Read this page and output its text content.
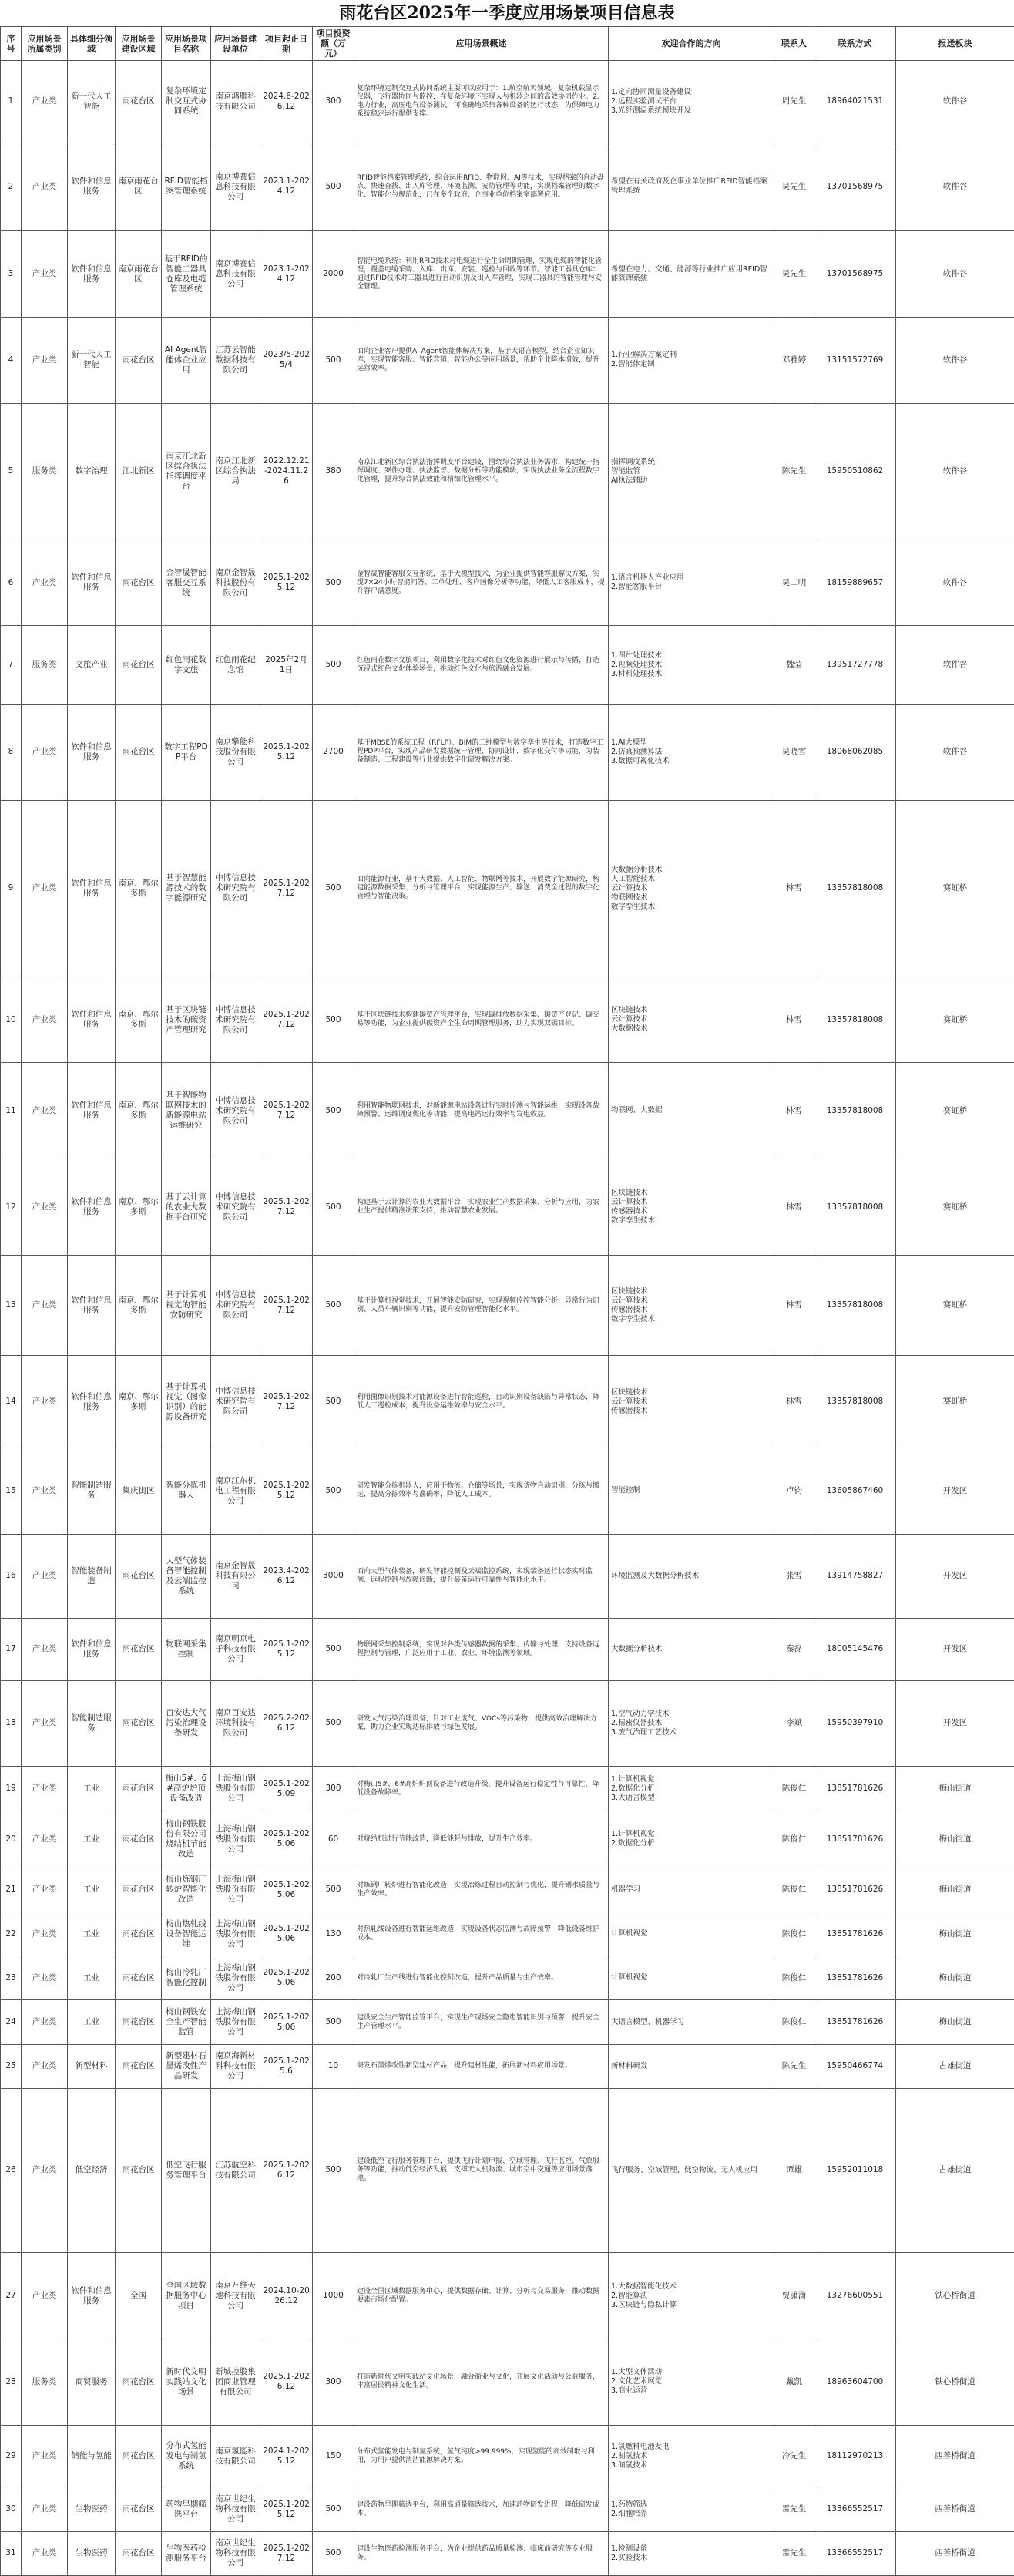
雨花台区2025年一季度应用场景项目信息表
序号	应用场景所属类别	具体细分领域	应用场景建设区域	应用场景项目名称	应用场景建设单位	项目起止日期	项目投资额（万元）	应用场景概述	欢迎合作的方向	联系人	联系方式	报送板块
1	产业类	新一代人工智能	雨花台区	复杂环境定制交互式协同系统	南京鸿雁科技有限公司	2024.6-2026.12	300	复杂环境定制交互式协同系统主要可以应用于：1.航空航天领域，复杂机载显示仪器，飞行器协同与监控，在复杂环境下实现人与机器之间的高效协同作业。2.电力行业，高压电气设备测试，可准确地采集各种设备的运行状态，为保障电力系统稳定运行提供支撑。	1.定向协同测量设备建设
2.远程实验测试平台
3.光纤测温系统模块开发	周先生	18964021531	软件谷
2	产业类	软件和信息服务	南京雨花台区	RFID智能档案管理系统	南京博赛信息科技有限公司	2023.1-2024.12	500	RFID智能档案管理系统，综合运用RFID、物联网、AI等技术，实现档案的自动盘点、快速查找、出入库管理、环境监测、安防管理等功能，实现档案管理的数字化、智能化与规范化，已在多个政府、企事业单位档案室部署应用。	希望在有关政府及企事业单位推广RFID智能档案管理系统	吴先生	13701568975	软件谷
3	产业类	软件和信息服务	南京雨花台区	基于RFID的智能工器具仓库及电缆管理系统	南京博赛信息科技有限公司	2023.1-2024.12	2000	智能电缆系统：利用RFID技术对电缆进行全生命周期管理，实现电缆的智能化管理，覆盖电缆采购、入库、出库、安装、巡检与回收等环节。智能工器具仓库：通过RFID技术对工器具进行自动识别及出入库管理，实现工器具的智能管理与安全管理。	希望在电力、交通、能源等行业推广应用RFID智能管理系统	吴先生	13701568975	软件谷
4	产业类	新一代人工智能	雨花台区	AI Agent智能体企业应用	江苏云智能数据科技有限公司	2023/5-2025/4	500	面向企业客户提供AI Agent智能体解决方案，基于大语言模型，结合企业知识库，实现智能客服、智能营销、智能办公等应用场景，帮助企业降本增效，提升运营效率。	1.行业解决方案定制
2.智能体定制	邓雅婷	13151572769	软件谷
5	服务类	数字治理	江北新区	南京江北新区综合执法指挥调度平台	南京江北新区综合执法局	2022.12.21-2024.11.26	380	南京江北新区综合执法指挥调度平台建设，围绕综合执法业务需求，构建统一指挥调度、案件办理、执法监督、数据分析等功能模块，实现执法业务全流程数字化管理，提升综合执法效能和精细化管理水平。	指挥调度系统
智能监管
AI执法辅助	陈先生	15950510862	软件谷
6	产业类	软件和信息服务	雨花台区	金智晟智能客服交互系统	南京金智晟科技股份有限公司	2025.1-2025.12	500	金智晟智能客服交互系统，基于大模型技术，为企业提供智能客服解决方案，实现7×24小时智能问答、工单处理、客户画像分析等功能，降低人工客服成本，提升客户满意度。	1.语言机器人产业应用
2.智能客服平台	吴二明	18159889657	软件谷
7	服务类	文旅产业	雨花台区	红色雨花数字文旅	红色雨花纪念馆	2025年2月1日	500	红色雨花数字文旅项目，利用数字化技术对红色文化资源进行展示与传播，打造沉浸式红色文化体验场景，推动红色文化与旅游融合发展。	1.图片处理技术
2.视频处理技术
3.材料处理技术	魏莹	13951727778	软件谷
8	产业类	软件和信息服务	雨花台区	数字工程PDP平台	南京擎能科技股份有限公司	2025.1-2025.12	2700	基于MBSE的系统工程（RFLP）、BIM的三维模型与数字孪生等技术，打造数字工程PDP平台，实现产品研发数据统一管理、协同设计、数字化交付等功能，为装备制造、工程建设等行业提供数字化研发解决方案。	1.AI大模型
2.仿真预测算法
3.数据可视化技术	吴晓雪	18068062085	软件谷
9	产业类	软件和信息服务	南京、鄂尔多斯	基于智慧能源技术的数字能源研究	中博信息技术研究院有限公司	2025.1-2027.12	500	面向能源行业，基于大数据、人工智能、物联网等技术，开展数字能源研究，构建能源数据采集、分析与管理平台，实现能源生产、输送、消费全过程的数字化管理与智能决策。	大数据分析技术
人工智能技术
云计算技术
物联网技术
数字孪生技术	林雪	13357818008	赛虹桥
10	产业类	软件和信息服务	南京、鄂尔多斯	基于区块链技术的碳资产管理研究	中博信息技术研究院有限公司	2025.1-2027.12	500	基于区块链技术构建碳资产管理平台，实现碳排放数据采集、碳资产登记、碳交易等功能，为企业提供碳资产全生命周期管理服务，助力实现双碳目标。	区块链技术
云计算技术
大数据技术	林雪	13357818008	赛虹桥
11	产业类	软件和信息服务	南京、鄂尔多斯	基于智能物联网技术的新能源电站运维研究	中博信息技术研究院有限公司	2025.1-2027.12	500	利用智能物联网技术，对新能源电站设备进行实时监测与智能运维，实现设备故障预警、运维调度优化等功能，提高电站运行效率与发电收益。	物联网、大数据	林雪	13357818008	赛虹桥
12	产业类	软件和信息服务	南京、鄂尔多斯	基于云计算的农业大数据平台研究	中博信息技术研究院有限公司	2025.1-2027.12	500	构建基于云计算的农业大数据平台，实现农业生产数据采集、分析与应用，为农业生产提供精准决策支持，推动智慧农业发展。	区块链技术
云计算技术
传感器技术
数字孪生技术	林雪	13357818008	赛虹桥
13	产业类	软件和信息服务	南京、鄂尔多斯	基于计算机视觉的智能安防研究	中博信息技术研究院有限公司	2025.1-2027.12	500	基于计算机视觉技术，开展智能安防研究，实现视频监控智能分析、异常行为识别、人员车辆识别等功能，提升安防管理智能化水平。	区块链技术
云计算技术
传感器技术
数字孪生技术	林雪	13357818008	赛虹桥
14	产业类	软件和信息服务	南京、鄂尔多斯	基于计算机视觉（图像识别）的能源设备研究	中博信息技术研究院有限公司	2025.1-2027.12	500	利用图像识别技术对能源设备进行智能巡检，自动识别设备缺陷与异常状态，降低人工巡检成本，提升设备运维效率与安全水平。	区块链技术
云计算技术
传感器技术	林雪	13357818008	赛虹桥
15	产业类	智能制造服务	集庆街区	智能分拣机器人	南京江东机电工程有限公司	2025.1-2025.12	500	研发智能分拣机器人，应用于物流、仓储等场景，实现货物自动识别、分拣与搬运，提高分拣效率与准确率，降低人工成本。	智能控制	卢钧	13605867460	开发区
16	产业类	智能装备制造	雨花台区	大型气体装备智能控制及云端监控系统	南京金智晟科技有限公司	2023.4-2026.12	3000	面向大型气体装备，研发智能控制及云端监控系统，实现装备运行状态实时监测、远程控制与故障诊断，提升装备运行可靠性与智能化水平。	环境监测及大数据分析技术	张雪	13914758827	开发区
17	产业类	软件和信息服务	雨花台区	物联网采集控制	南京明京电子科技有限公司	2025.1-2025.12	500	物联网采集控制系统，实现对各类传感器数据的采集、传输与处理，支持设备远程控制与管理，广泛应用于工业、农业、环境监测等领域。	大数据分析技术	秦磊	18005145476	开发区
18	产业类	智能制造服务	雨花台区	百安达大气污染治理设备研发	南京百安达环境科技有限公司	2025.2-2026.12	500	研发大气污染治理设备，针对工业废气、VOCs等污染物，提供高效治理解决方案，助力企业实现达标排放与绿色发展。	1.空气动力学技术
2.精密仪器技术
3.废气治理工艺技术	李斌	15950397910	开发区
19	产业类	工业	雨花台区	梅山5#、6#高炉炉顶设备改造	上海梅山钢铁股份有限公司	2025.1-2025.09	300	对梅山5#、6#高炉炉顶设备进行改造升级，提升设备运行稳定性与可靠性，降低设备故障率。	1.计算机视觉
2.数据化分析
3.大语言模型	陈俊仁	13851781626	梅山街道
20	产业类	工业	雨花台区	梅山钢铁股份有限公司烧结机节能改造	上海梅山钢铁股份有限公司	2025.1-2025.06	60	对烧结机进行节能改造，降低能耗与排放，提升生产效率。	1.计算机视觉
2.数据化分析	陈俊仁	13851781626	梅山街道
21	产业类	工业	雨花台区	梅山炼钢厂转炉智能化改造	上海梅山钢铁股份有限公司	2025.1-2025.06	500	对炼钢厂转炉进行智能化改造，实现冶炼过程自动控制与优化，提升钢水质量与生产效率。	机器学习	陈俊仁	13851781626	梅山街道
22	产业类	工业	雨花台区	梅山热轧线设备智能运维	上海梅山钢铁股份有限公司	2025.1-2025.06	130	对热轧线设备进行智能运维改造，实现设备状态监测与故障预警，降低设备维护成本。	计算机视觉	陈俊仁	13851781626	梅山街道
23	产业类	工业	雨花台区	梅山冷轧厂智能化控制	上海梅山钢铁股份有限公司	2025.1-2025.06	200	对冷轧厂生产线进行智能化控制改造，提升产品质量与生产效率。	计算机视觉	陈俊仁	13851781626	梅山街道
24	产业类	工业	雨花台区	梅山钢铁安全生产智能监管	上海梅山钢铁股份有限公司	2025.1-2025.06	500	建设安全生产智能监管平台，实现生产现场安全隐患智能识别与预警，提升安全生产管理水平。	大语言模型、机器学习	陈俊仁	13851781626	梅山街道
25	产业类	新型材料	雨花台区	新型建材石墨烯改性产品研发	南京海新材料科技有限公司	2025.1-2025.6	10	研发石墨烯改性新型建材产品，提升建材性能，拓展新材料应用场景。	新材料研发	陈先生	15950466774	古雄街道
26	产业类	低空经济	雨花台区	低空飞行服务管理平台	江苏航空科技有限公司	2025.1-2026.12	500	建设低空飞行服务管理平台，提供飞行计划申报、空域管理、飞行监控、气象服务等功能，推动低空经济发展，支撑无人机物流、城市空中交通等应用场景落地。	飞行服务、空域管理、低空物流、无人机应用	谭雄	15952011018	古雄街道
27	产业类	软件和信息服务	全国	全国区域数据服务中心项目	南京万维天地科技有限公司	2024.10-2026.12	1000	建设全国区域数据服务中心，提供数据存储、计算、分析与交易服务，推动数据要素市场化配置。	1.大数据智能化技术
2.智能算法
3.区块链与隐私计算	贾潇潇	13276600551	铁心桥街道
28	服务类	商贸服务	雨花台区	新时代文明实践站文化场景	新城控股集团商业管理有限公司	2025.1-2026.12	300	打造新时代文明实践站文化场景，融合商业与文化，开展文化活动与公益服务，丰富居民精神文化生活。	1.大型文体活动
2.文化艺术展览
3.商业运营	戴凯	18963604700	铁心桥街道
29	产业类	储能与氢能	雨花台区	分布式氢能发电与制氢系统	南京氢能科技有限公司	2024.1-2025.12	150	分布式氢能发电与制氢系统，氢气纯度>99.999%，实现氢能的高效制取与利用，为用户提供清洁能源解决方案。	1.氢燃料电池发电
2.制氢技术
3.储氢技术	冷先生	18112970213	西善桥街道
30	产业类	生物医药	雨花台区	药物早期筛选平台	南京世纪生物科技有限公司	2025.1-2025.12	500	建设药物早期筛选平台，利用高通量筛选技术，加速药物研发进程，降低研发成本。	1.药物筛选
2.细胞培养	雷先生	13366552517	西善桥街道
31	产业类	生物医药	雨花台区	生物医药检测服务平台	南京世纪生物科技有限公司	2025.1-2027.12	500	建设生物医药检测服务平台，为企业提供药品质量检测、临床前研究等专业服务。	1.检测设备
2.实验技术	雷先生	13366552517	西善桥街道
